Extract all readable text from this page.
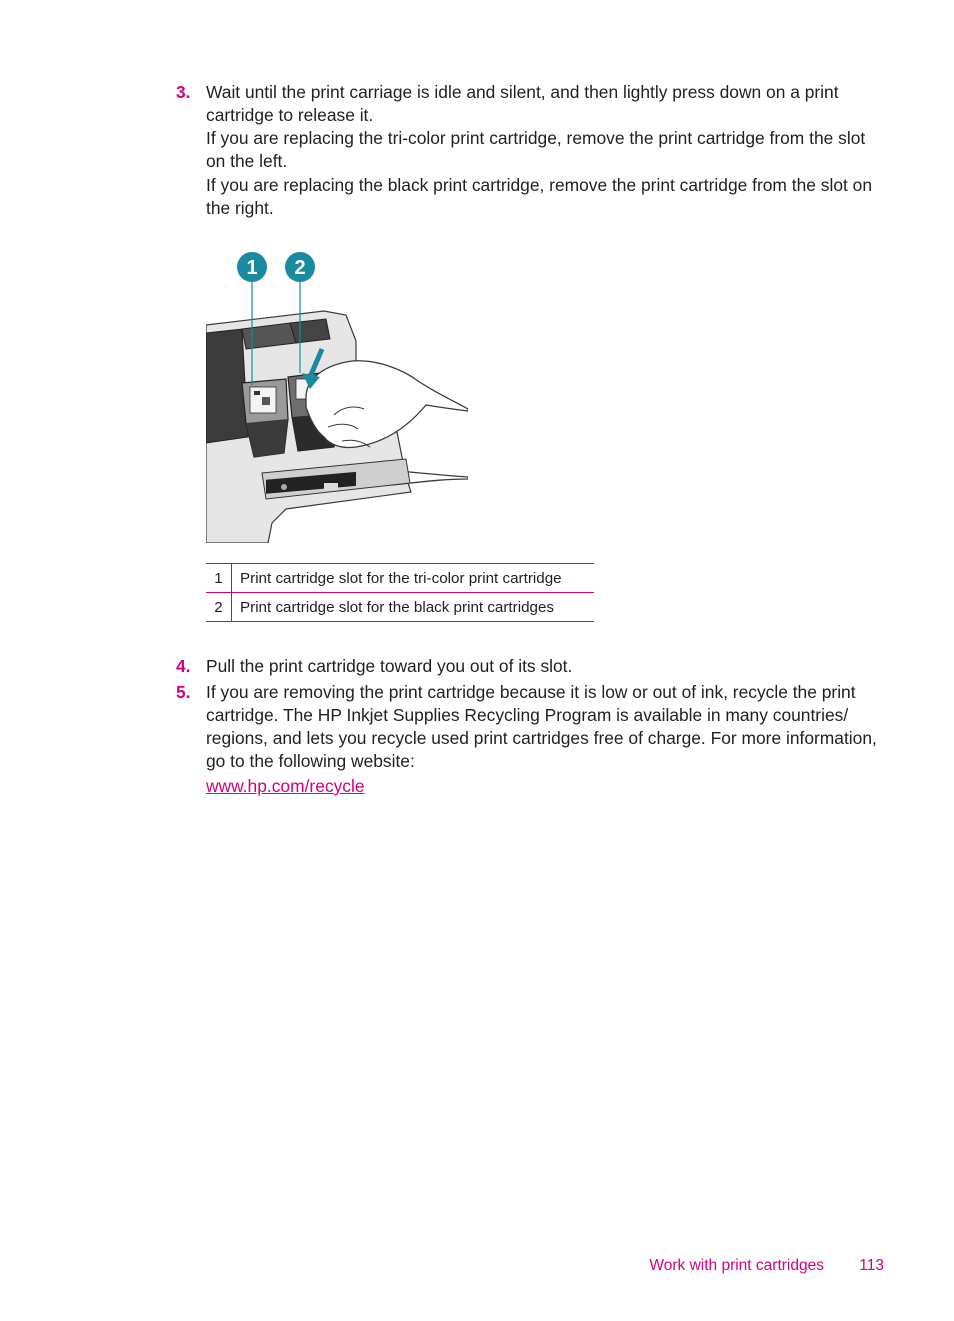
3. Wait until the print carriage is idle and silent, and then lightly press down on a print cartridge to release it.

If you are replacing the tri-color print cartridge, remove the print cartridge from the slot on the left.

If you are replacing the black print cartridge, remove the print cartridge from the slot on the right.

1 2
1	Print cartridge slot for the tri-color print cartridge
2	Print cartridge slot for the black print cartridges
4. Pull the print cartridge toward you out of its slot.

5. If you are removing the print cartridge because it is low or out of ink, recycle the print cartridge. The HP Inkjet Supplies Recycling Program is available in many countries/ regions, and lets you recycle used print cartridges free of charge. For more information, go to the following website:

www.hp.com/recycle

Work with print cartridges 113
